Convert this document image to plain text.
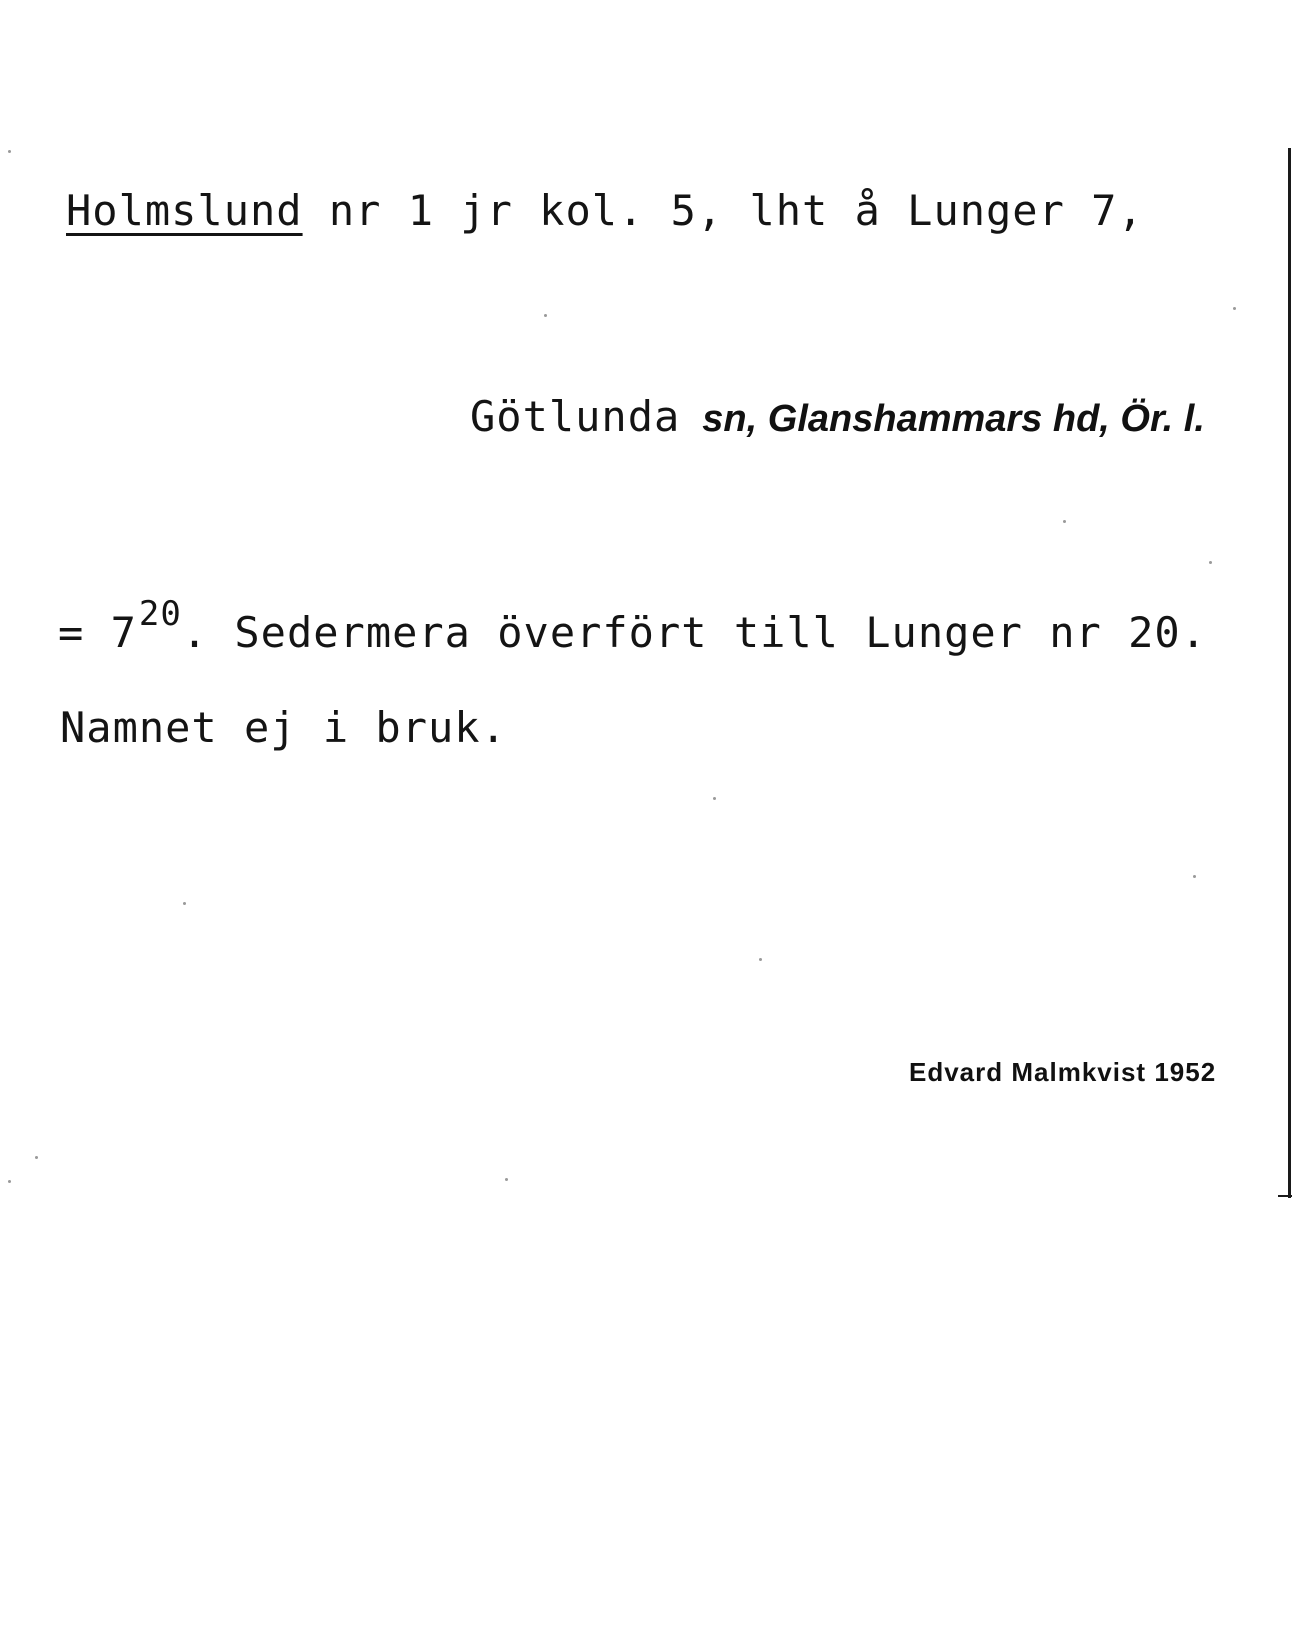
Holmslund nr 1 jr kol. 5, lht å Lunger 7,
Götlunda sn, Glanshammars hd, Ör. l.
= $7^{20}$. Sedermera överfört till Lunger nr 20.
Namnet ej i bruk.
Edvard Malmkvist 1952
